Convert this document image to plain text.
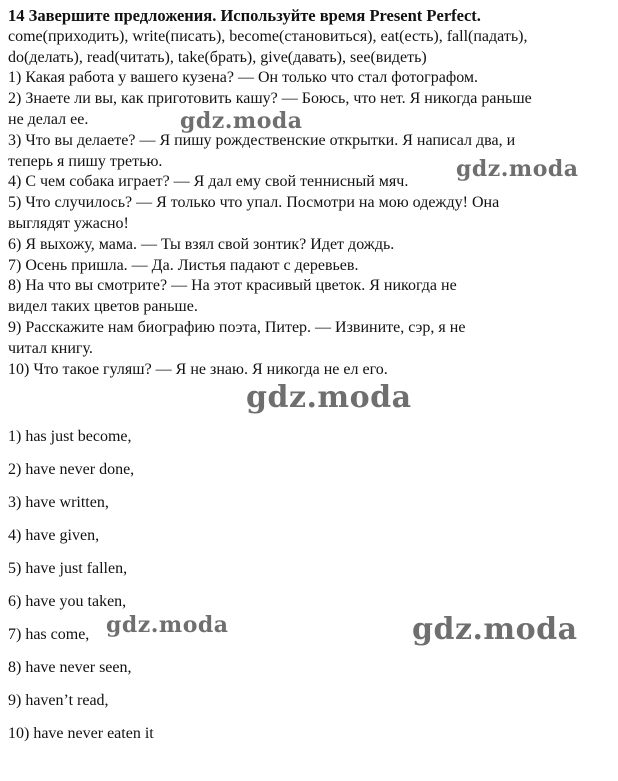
14 Завершите предложения. Используйте время Present Perfect.

come(приходить), write(писать), become(становиться), eat(есть), fall(падать),

do(делать), read(читать), take(брать), give(давать), see(видеть)

1) Какая работа у вашего кузена? — Он только что стал фотографом.

2) Знаете ли вы, как приготовить кашу? — Боюсь, что нет. Я никогда раньше
не делал ее.

3) Что вы делаете? — Я пишу рождественские открытки. Я написал два, и
теперь я пишу третью.

4) С чем собака играет? — Я дал ему свой теннисный мяч.

5) Что случилось? — Я только что упал. Посмотри на мою одежду! Она
выглядят ужасно!

6) Я выхожу, мама. — Ты взял свой зонтик? Идет дождь.

7) Осень пришла. — Да. Листья падают с деревьев.

8) На что вы смотрите? — На этот красивый цветок. Я никогда не
видел таких цветов раньше.

9) Расскажите нам биографию поэта, Питер. — Извините, сэр, я не
читал книгу.

10) Что такое гуляш? — Я не знаю. Я никогда не ел его.

1) has just become,

2) have never done,

3) have written,

4) have given,

5) have just fallen,

6) have you taken,

7) has come,

8) have never seen,

9) haven’t read,

10) have never eaten it

gdz.moda
gdz.moda
gdz.moda
gdz.moda	gdz.moda
